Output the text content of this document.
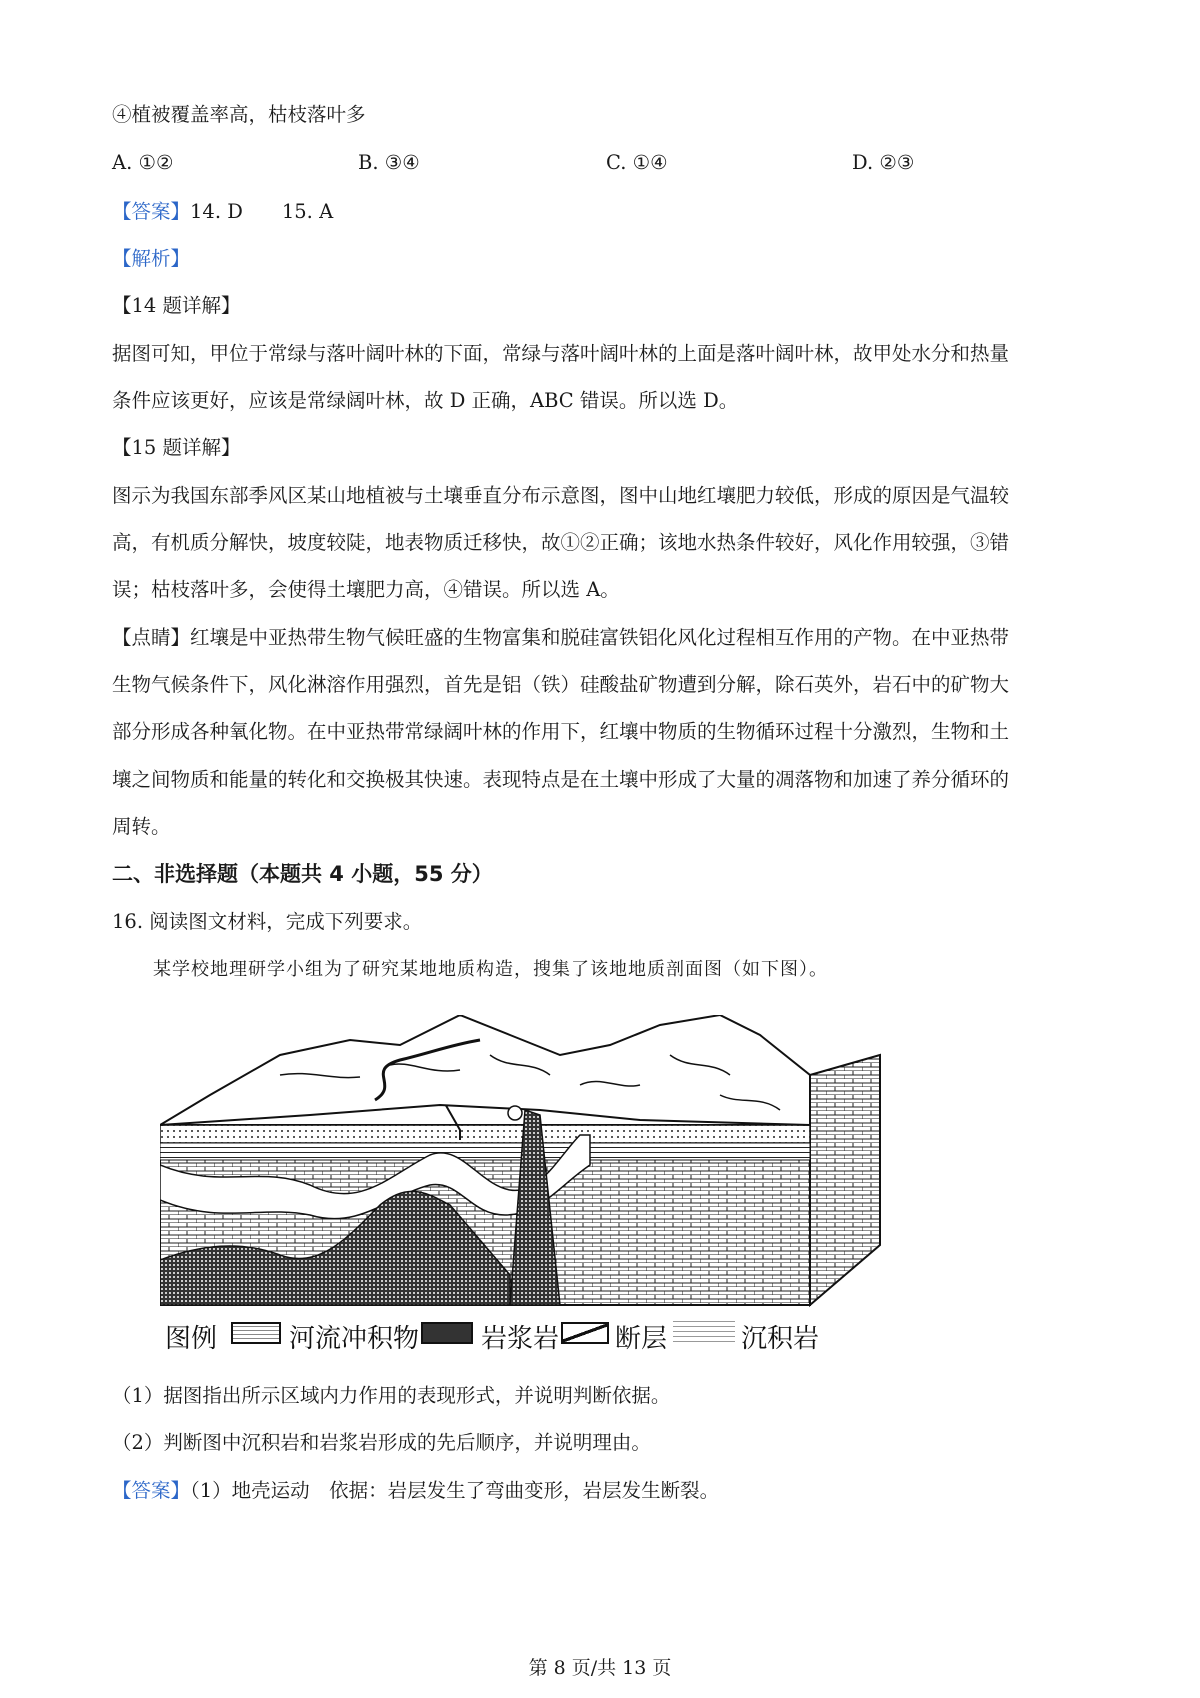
④植被覆盖率高，枯枝落叶多
A. ①②	B. ③④	C. ①④	D. ②③
【答案】14. D　　15. A
【解析】
【14 题详解】
据图可知，甲位于常绿与落叶阔叶林的下面，常绿与落叶阔叶林的上面是落叶阔叶林，故甲处水分和热量
条件应该更好，应该是常绿阔叶林，故 D 正确，ABC 错误。所以选 D。
【15 题详解】
图示为我国东部季风区某山地植被与土壤垂直分布示意图，图中山地红壤肥力较低，形成的原因是气温较
高，有机质分解快，坡度较陡，地表物质迁移快，故①②正确；该地水热条件较好，风化作用较强，③错
误；枯枝落叶多，会使得土壤肥力高，④错误。所以选 A。
【点睛】红壤是中亚热带生物气候旺盛的生物富集和脱硅富铁铝化风化过程相互作用的产物。在中亚热带
生物气候条件下，风化淋溶作用强烈，首先是铝（铁）硅酸盐矿物遭到分解，除石英外，岩石中的矿物大
部分形成各种氧化物。在中亚热带常绿阔叶林的作用下，红壤中物质的生物循环过程十分激烈，生物和土
壤之间物质和能量的转化和交换极其快速。表现特点是在土壤中形成了大量的凋落物和加速了养分循环的
周转。
二、非选择题（本题共 4 小题，55 分）
16. 阅读图文材料，完成下列要求。
某学校地理研学小组为了研究某地地质构造，搜集了该地地质剖面图（如下图）。
图例	河流冲积物 岩浆岩 断层	沉积岩
（1）据图指出所示区域内力作用的表现形式，并说明判断依据。
（2）判断图中沉积岩和岩浆岩形成的先后顺序，并说明理由。
【答案】（1）地壳运动　依据：岩层发生了弯曲变形，岩层发生断裂。
第 8 页/共 13 页
